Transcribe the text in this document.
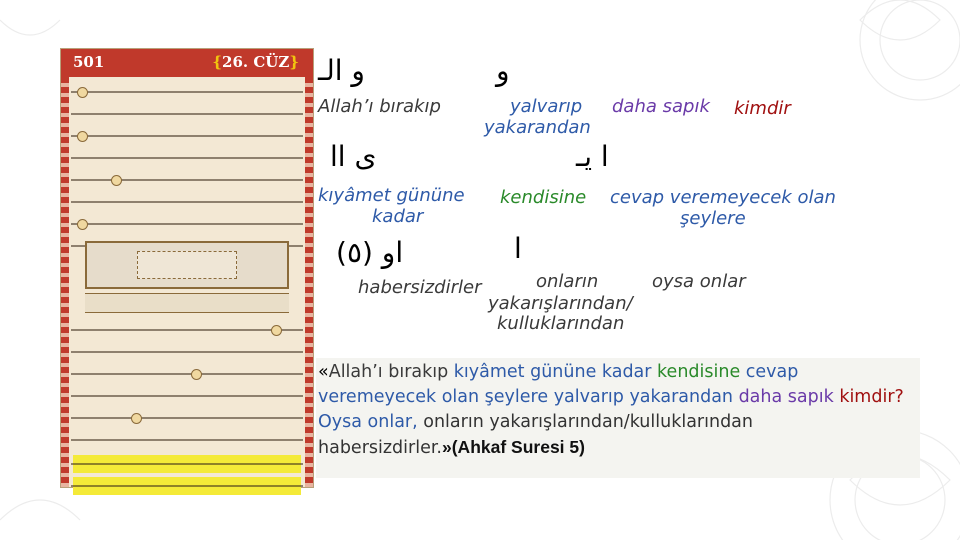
501	{26. CÜZ} و الـ	و
Allah’ı bırakıp	yalvarıp
yakarandan
daha sapık kimdir
ى اا	ا يـ
kıyâmet gününe
kadar
kendisine cevap veremeyecek olan
şeylere
او (٥)	ا
habersizdirler	onların
yakarışlarından/
kulluklarından
oysa onlar
«Allah’ı bırakıp kıyâmet gününe kadar kendisine cevap veremeyecek olan şeylere yalvarıp yakarandan daha sapık kimdir? Oysa onlar, onların yakarışlarından/kulluklarından habersizdirler.»(Ahkaf Suresi 5)
